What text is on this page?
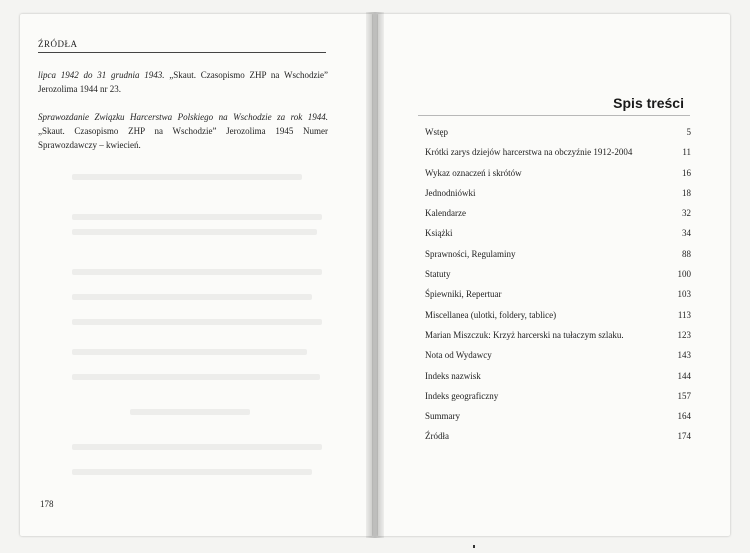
ŹRÓDŁA
lipca 1942 do 31 grudnia 1943. „Skaut. Czasopismo ZHP na Wschodzie” Jerozolima 1944 nr 23.
Sprawozdanie Związku Harcerstwa Polskiego na Wschodzie za rok 1944. „Skaut. Czasopismo ZHP na Wschodzie” Jerozolima 1945 Numer Sprawozdawczy – kwiecień.
178
Spis treści
Wstęp	5
Krótki zarys dziejów harcerstwa na obczyźnie 1912-2004	11
Wykaz oznaczeń i skrótów	16
Jednodniówki	18
Kalendarze	32
Książki	34
Sprawności, Regulaminy	88
Statuty	100
Śpiewniki, Repertuar	103
Miscellanea (ulotki, foldery, tablice)	113
Marian Miszczuk: Krzyż harcerski na tułaczym szlaku.	123
Nota od Wydawcy	143
Indeks nazwisk	144
Indeks geograficzny	157
Summary	164
Źródła	174
